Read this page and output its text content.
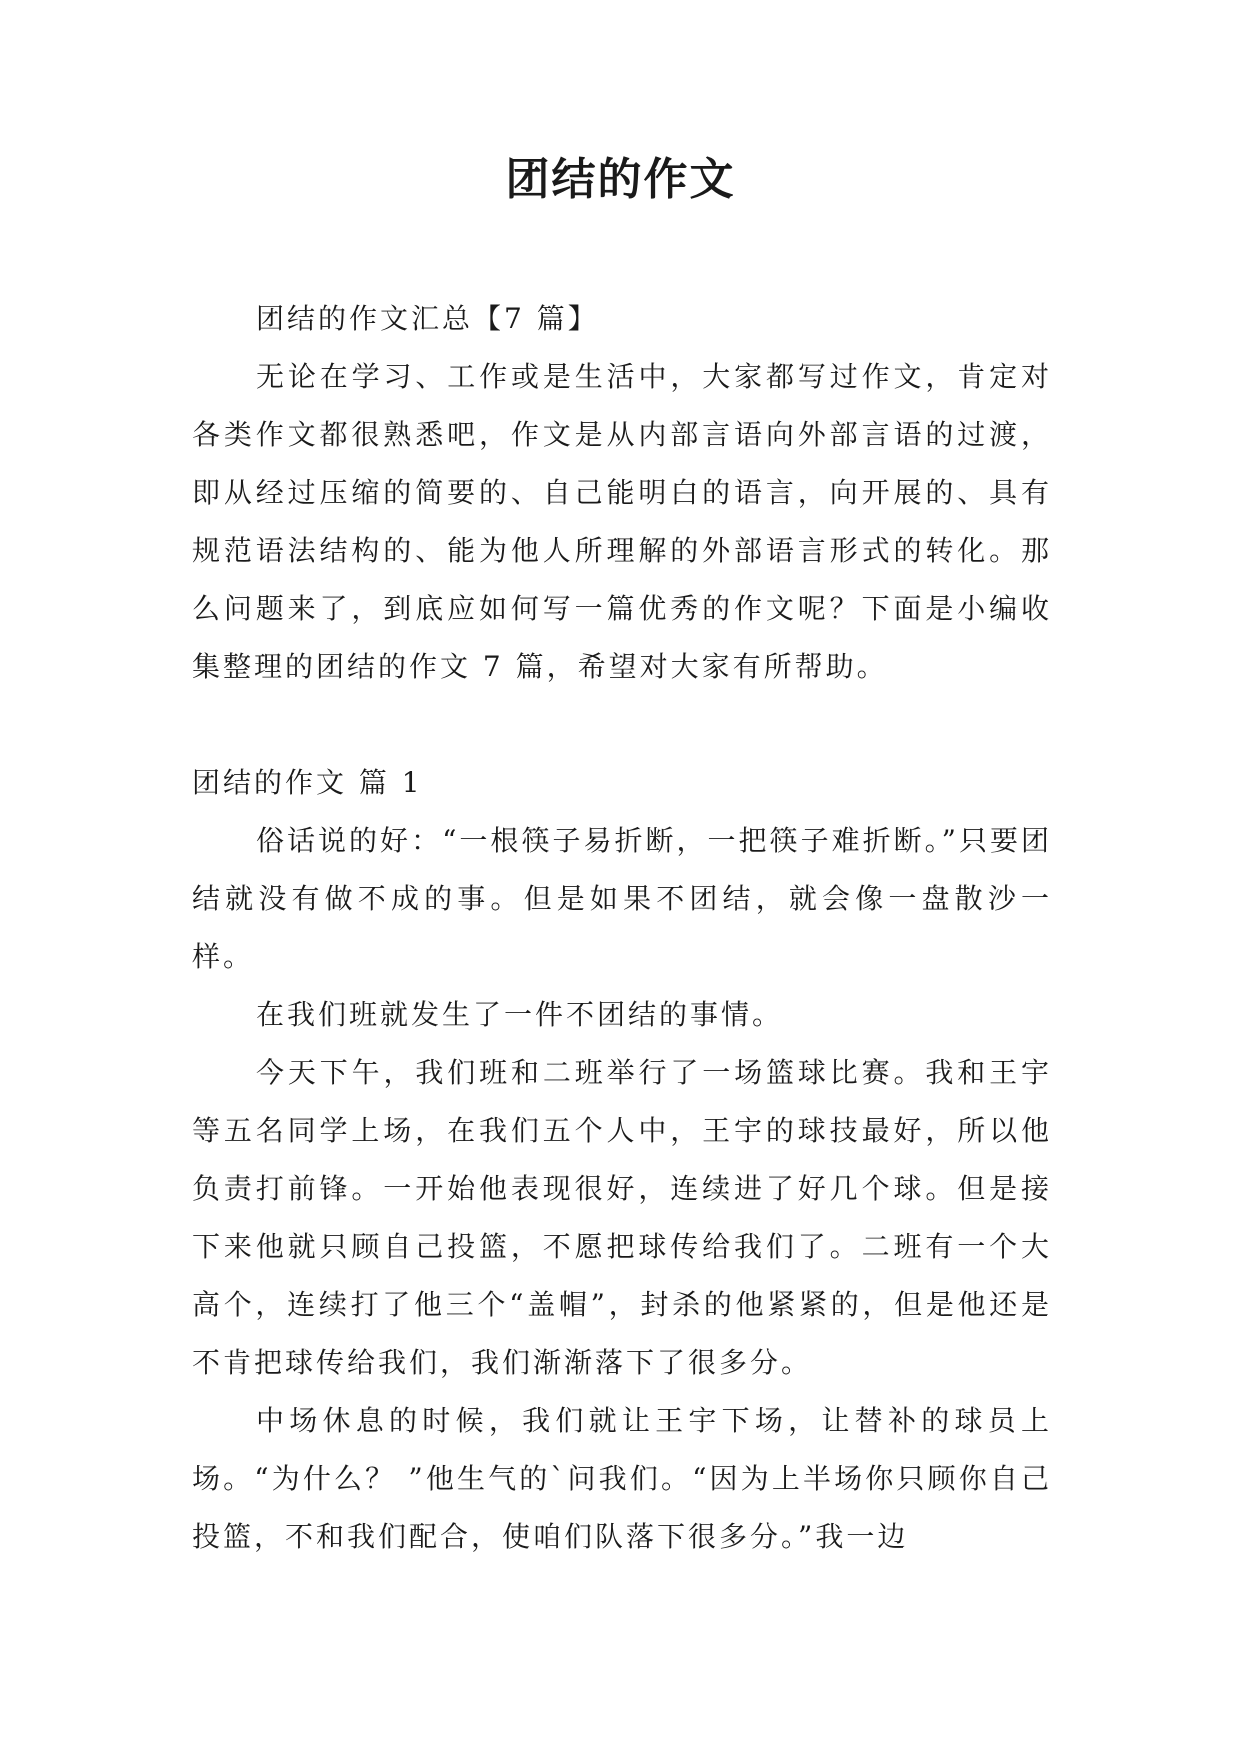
团结的作文

团结的作文汇总【7 篇】

无论在学习、工作或是生活中，大家都写过作文，肯定对各类作文都很熟悉吧，作文是从内部言语向外部言语的过渡，即从经过压缩的简要的、自己能明白的语言，向开展的、具有规范语法结构的、能为他人所理解的外部语言形式的转化。那么问题来了，到底应如何写一篇优秀的作文呢？下面是小编收集整理的团结的作文 7 篇，希望对大家有所帮助。

团结的作文 篇 1

俗话说的好：“一根筷子易折断，一把筷子难折断。”只要团结就没有做不成的事。但是如果不团结，就会像一盘散沙一样。

在我们班就发生了一件不团结的事情。

今天下午，我们班和二班举行了一场篮球比赛。我和王宇等五名同学上场，在我们五个人中，王宇的球技最好，所以他负责打前锋。一开始他表现很好，连续进了好几个球。但是接下来他就只顾自己投篮，不愿把球传给我们了。二班有一个大高个，连续打了他三个“盖帽”，封杀的他紧紧的，但是他还是不肯把球传给我们，我们渐渐落下了很多分。

中场休息的时候，我们就让王宇下场，让替补的球员上场。“为什么？ ”他生气的`问我们。“因为上半场你只顾你自己投篮，不和我们配合，使咱们队落下很多分。”我一边
